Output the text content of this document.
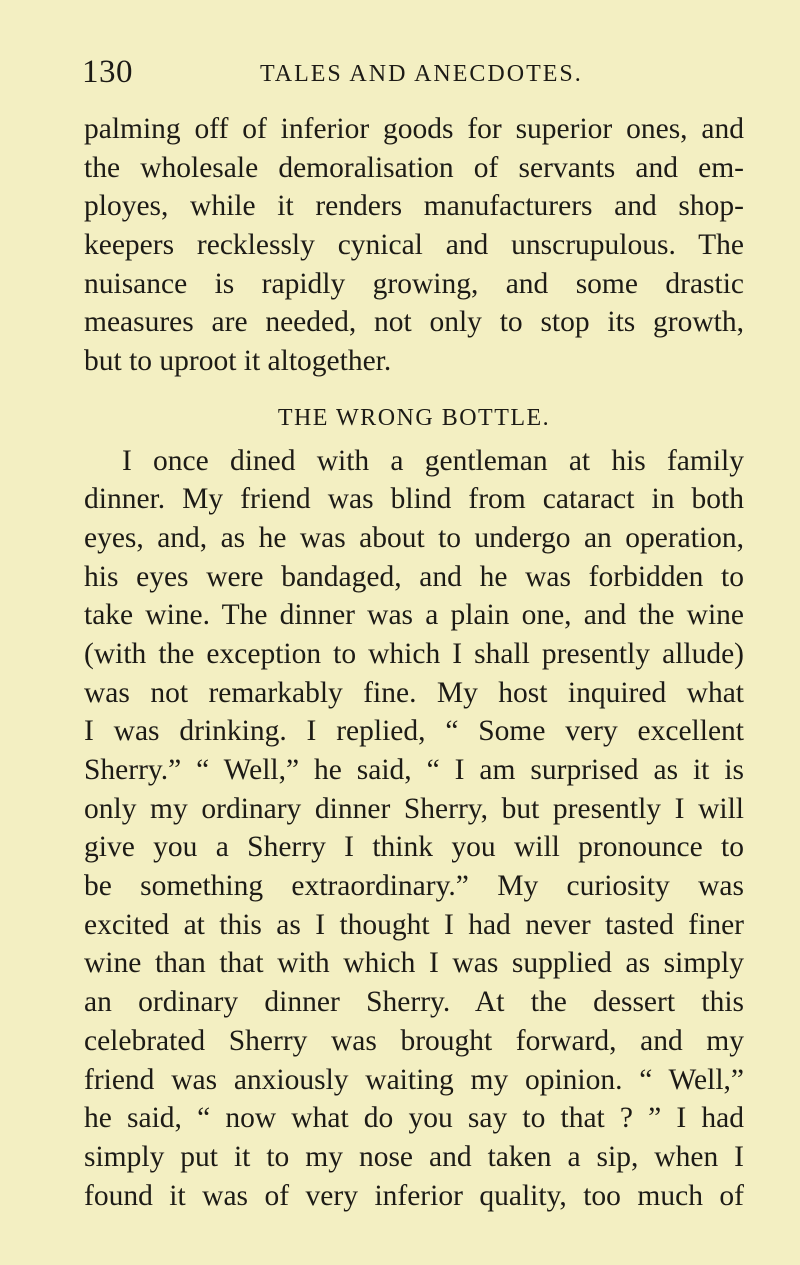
130	TALES AND ANECDOTES.
palming off of inferior goods for superior ones, and
the wholesale demoralisation of servants and em-
ployes, while it renders manufacturers and shop-
keepers recklessly cynical and unscrupulous. The
nuisance is rapidly growing, and some drastic
measures are needed, not only to stop its growth,
but to uproot it altogether.
THE WRONG BOTTLE.
I once dined with a gentleman at his family
dinner. My friend was blind from cataract in both
eyes, and, as he was about to undergo an operation,
his eyes were bandaged, and he was forbidden to
take wine. The dinner was a plain one, and the wine
(with the exception to which I shall presently allude)
was not remarkably fine. My host inquired what
I was drinking. I replied, “ Some very excellent
Sherry.” “ Well,” he said, “ I am surprised as it is
only my ordinary dinner Sherry, but presently I will
give you a Sherry I think you will pronounce to
be something extraordinary.” My curiosity was
excited at this as I thought I had never tasted finer
wine than that with which I was supplied as simply
an ordinary dinner Sherry. At the dessert this
celebrated Sherry was brought forward, and my
friend was anxiously waiting my opinion. “ Well,”
he said, “ now what do you say to that ? ” I had
simply put it to my nose and taken a sip, when I
found it was of very inferior quality, too much of
